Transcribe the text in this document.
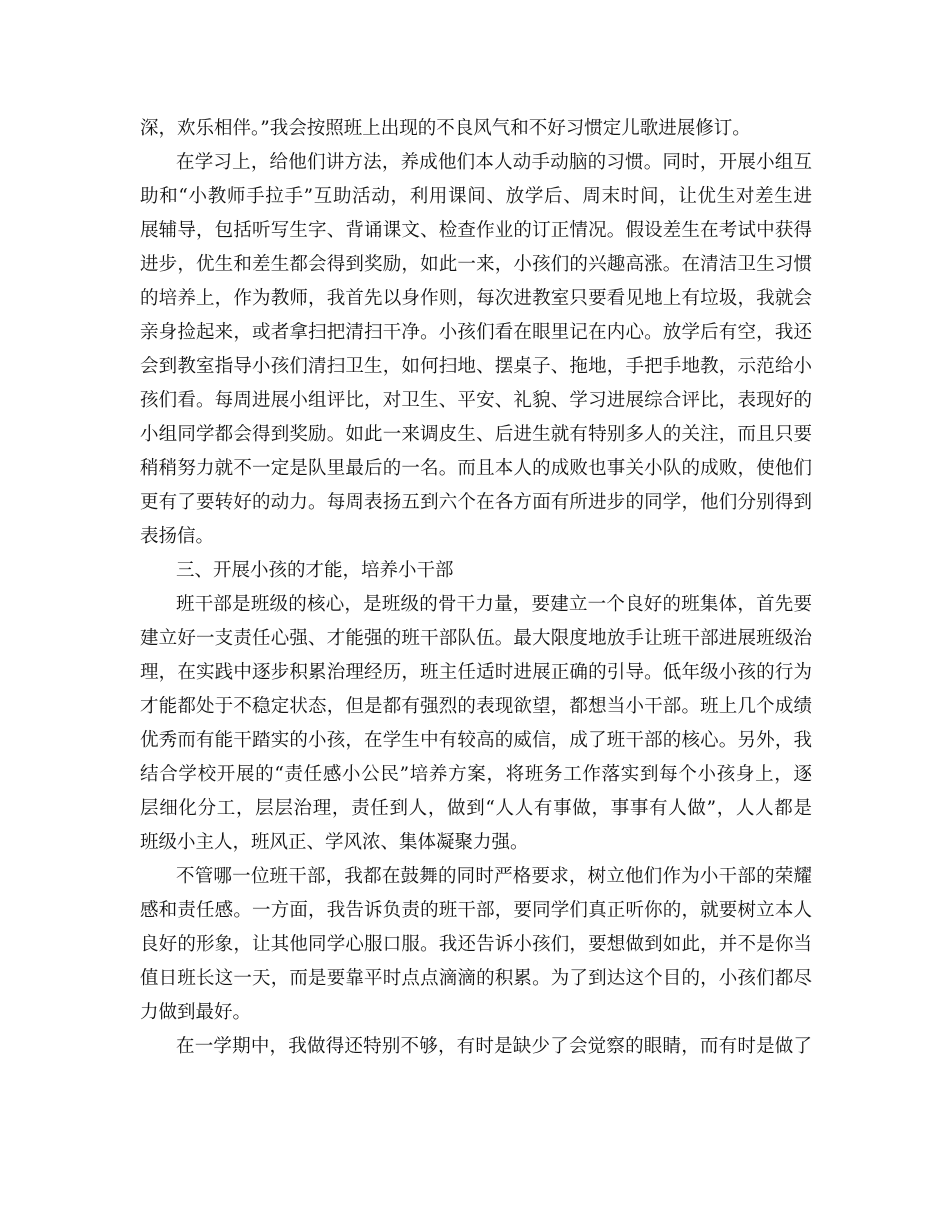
深，欢乐相伴。”我会按照班上出现的不良风气和不好习惯定儿歌进展修订。
在学习上，给他们讲方法，养成他们本人动手动脑的习惯。同时，开展小组互
助和“小教师手拉手”互助活动，利用课间、放学后、周末时间，让优生对差生进
展辅导，包括听写生字、背诵课文、检查作业的订正情况。假设差生在考试中获得
进步，优生和差生都会得到奖励，如此一来，小孩们的兴趣高涨。在清洁卫生习惯
的培养上，作为教师，我首先以身作则，每次进教室只要看见地上有垃圾，我就会
亲身捡起来，或者拿扫把清扫干净。小孩们看在眼里记在内心。放学后有空，我还
会到教室指导小孩们清扫卫生，如何扫地、摆桌子、拖地，手把手地教，示范给小
孩们看。每周进展小组评比，对卫生、平安、礼貌、学习进展综合评比，表现好的
小组同学都会得到奖励。如此一来调皮生、后进生就有特别多人的关注，而且只要
稍稍努力就不一定是队里最后的一名。而且本人的成败也事关小队的成败，使他们
更有了要转好的动力。每周表扬五到六个在各方面有所进步的同学，他们分别得到
表扬信。
三、开展小孩的才能，培养小干部
班干部是班级的核心，是班级的骨干力量，要建立一个良好的班集体，首先要
建立好一支责任心强、才能强的班干部队伍。最大限度地放手让班干部进展班级治
理，在实践中逐步积累治理经历，班主任适时进展正确的引导。低年级小孩的行为
才能都处于不稳定状态，但是都有强烈的表现欲望，都想当小干部。班上几个成绩
优秀而有能干踏实的小孩，在学生中有较高的威信，成了班干部的核心。另外，我
结合学校开展的“责任感小公民”培养方案，将班务工作落实到每个小孩身上，逐
层细化分工，层层治理，责任到人，做到“人人有事做，事事有人做”，人人都是
班级小主人，班风正、学风浓、集体凝聚力强。
不管哪一位班干部，我都在鼓舞的同时严格要求，树立他们作为小干部的荣耀
感和责任感。一方面，我告诉负责的班干部，要同学们真正听你的，就要树立本人
良好的形象，让其他同学心服口服。我还告诉小孩们，要想做到如此，并不是你当
值日班长这一天，而是要靠平时点点滴滴的积累。为了到达这个目的，小孩们都尽
力做到最好。
在一学期中，我做得还特别不够，有时是缺少了会觉察的眼睛，而有时是做了
